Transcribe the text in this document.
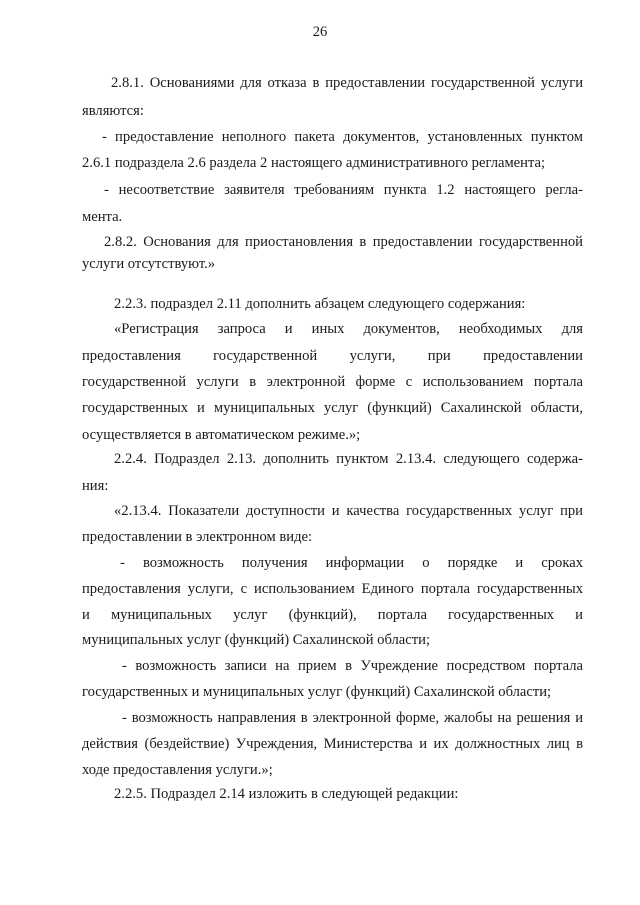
26
2.8.1. Основаниями для отказа в предоставлении государственной услуги
являются:
- предоставление неполного пакета документов, установленных пунктом
2.6.1 подраздела 2.6 раздела 2 настоящего административного регламента;
- несоответствие заявителя требованиям пункта 1.2 настоящего регла-
мента.
2.8.2. Основания для приостановления в предоставлении государственной
услуги отсутствуют.»
2.2.3. подраздел 2.11 дополнить абзацем следующего содержания:
«Регистрация запроса и иных документов, необходимых для
предоставления государственной услуги, при предоставлении
государственной услуги в электронной форме с использованием портала
государственных и муниципальных услуг (функций) Сахалинской области,
осуществляется в автоматическом режиме.»;
2.2.4. Подраздел 2.13. дополнить пунктом 2.13.4. следующего содержа-
ния:
«2.13.4. Показатели доступности и качества государственных услуг при
предоставлении в электронном виде:
- возможность получения информации о порядке и сроках
предоставления услуги, с использованием Единого портала государственных
и муниципальных услуг (функций), портала государственных и
муниципальных услуг (функций) Сахалинской области;
- возможность записи на прием в Учреждение посредством портала
государственных и муниципальных услуг (функций) Сахалинской области;
- возможность направления в электронной форме, жалобы на решения и
действия (бездействие) Учреждения, Министерства и их должностных лиц в
ходе предоставления услуги.»;
2.2.5. Подраздел 2.14 изложить в следующей редакции:
